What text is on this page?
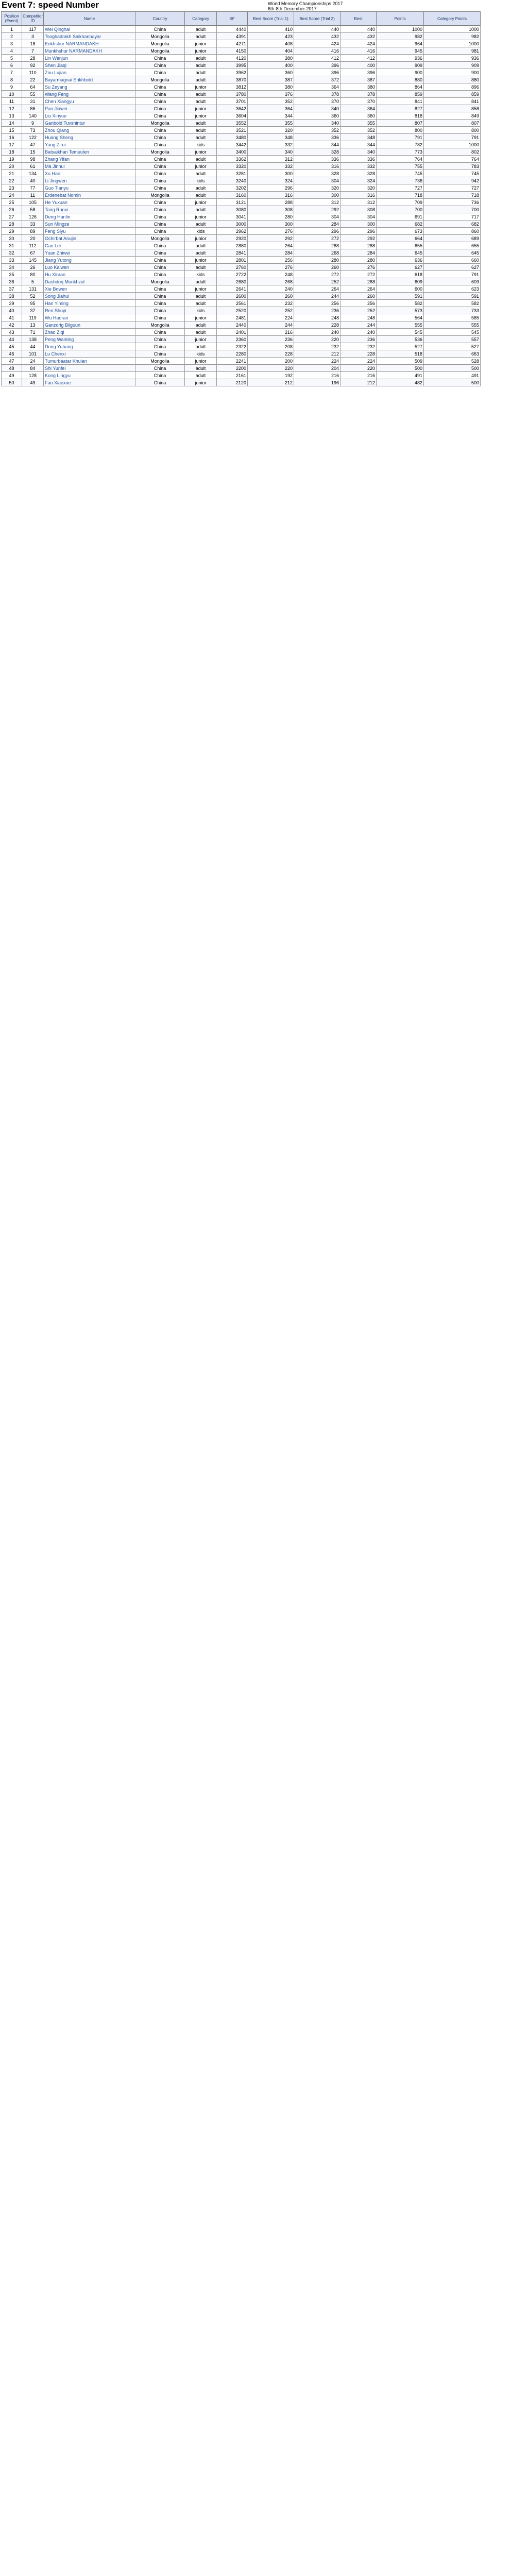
Event 7: speed Number	World Memory Championships 2017
6th-8th December 2017
Position (Event)	Competitor ID	Name	Country	Category	SF	Best Score (Trial 1)	Best Score (Trial 2)	Best	Points	Category Points
1	117	Wei Qinghai	China	adult	4440	410	440	440	1000	1000
2	3	Tsogbadrakh Saikhanbayar	Mongolia	adult	4391	423	432	432	982	982
3	18	Enkhshur NARMANDAKH	Mongolia	junior	4271	408	424	424	964	1000
4	7	Munkhshur NARMANDAKH	Mongolia	junior	4150	404	416	416	945	981
5	28	Lin Wenjun	China	adult	4120	380	412	412	936	936
6	92	Shen Jiaqi	China	adult	3995	400	396	400	909	909
7	110	Zou Lujian	China	adult	3962	360	396	396	900	900
8	22	Bayarmagnai Enkhbold	Mongolia	adult	3870	387	372	387	880	880
9	64	Su Zeyang	China	junior	3812	380	364	380	864	896
10	55	Wang Feng	China	adult	3780	376	378	378	859	859
11	31	Chen Xiangyu	China	adult	3701	352	370	370	841	841
12	86	Pan Jiawei	China	junior	3642	364	340	364	827	858
13	140	Liu Xinyue	China	junior	3604	344	360	360	818	849
14	9	Ganbold Tuvshintur	Mongolia	adult	3552	355	340	355	807	807
15	73	Zhou Qiang	China	adult	3521	320	352	352	800	800
16	122	Huang Sheng	China	adult	3480	348	336	348	791	791
17	47	Yang Zirui	China	kids	3442	332	344	344	782	1000
18	15	Batsaikhan Temuulen	Mongolia	junior	3400	340	328	340	773	802
19	98	Zhang Yifan	China	adult	3362	312	336	336	764	764
20	61	Ma Jinhui	China	junior	3320	332	316	332	755	783
21	134	Xu Hao	China	adult	3281	300	328	328	745	745
22	40	Li Jingwen	China	kids	3240	324	304	324	736	942
23	77	Guo Tianyu	China	adult	3202	296	320	320	727	727
24	11	Erdenebat Nomin	Mongolia	adult	3160	316	300	316	718	718
25	105	He Yuxuan	China	junior	3121	288	312	312	709	736
26	58	Tang Ruoxi	China	adult	3080	308	292	308	700	700
27	126	Deng Hanlin	China	junior	3041	280	304	304	691	717
28	33	Sun Mingze	China	adult	3000	300	284	300	682	682
29	89	Feng Siyu	China	kids	2962	276	296	296	673	860
30	20	Ochirbat Anujin	Mongolia	junior	2920	292	272	292	664	689
31	112	Cao Lei	China	adult	2880	264	288	288	655	655
32	67	Yuan Zhiwei	China	adult	2841	284	268	284	645	645
33	145	Jiang Yutong	China	junior	2801	256	280	280	636	660
34	26	Luo Kaiwen	China	adult	2760	276	260	276	627	627
35	80	Hu Xinran	China	kids	2722	248	272	272	618	791
36	5	Dashdorj Munkhzul	Mongolia	adult	2680	268	252	268	609	609
37	131	Xie Bowen	China	junior	2641	240	264	264	600	623
38	52	Song Jiahui	China	adult	2600	260	244	260	591	591
39	95	Han Yiming	China	adult	2561	232	256	256	582	582
40	37	Ren Shuyi	China	kids	2520	252	236	252	573	733
41	119	Wu Haoran	China	junior	2481	224	248	248	564	585
42	13	Ganzorig Bilguun	Mongolia	adult	2440	244	228	244	555	555
43	71	Zhao Ziqi	China	adult	2401	216	240	240	545	545
44	138	Peng Wanting	China	junior	2360	236	220	236	536	557
45	44	Dong Yuhang	China	adult	2322	208	232	232	527	527
46	101	Lu Chenxi	China	kids	2280	228	212	228	518	663
47	24	Tumurbaatar Khulan	Mongolia	junior	2241	200	224	224	509	528
48	84	Shi Yunfei	China	adult	2200	220	204	220	500	500
49	128	Kong Lingyu	China	adult	2161	192	216	216	491	491
50	49	Fan Xiaoxue	China	junior	2120	212	196	212	482	500
